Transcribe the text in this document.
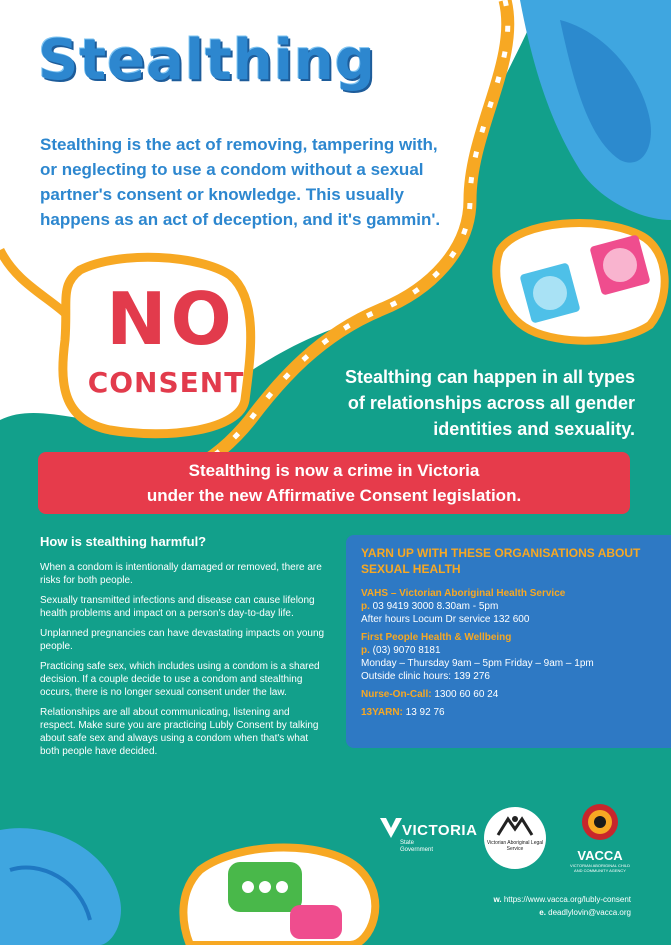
Stealthing
Stealthing is the act of removing, tampering with, or neglecting to use a condom without a sexual partner's consent or knowledge. This usually happens as an act of deception, and it's gammin'.
NO
CONSENT	Stealthing can happen in all types of relationships across all gender identities and sexuality.
Stealthing is now a crime in Victoria
under the new Affirmative Consent legislation.
How is stealthing harmful?

When a condom is intentionally damaged or removed, there are risks for both people.

Sexually transmitted infections and disease can cause lifelong health problems and impact on a person's day-to-day life.

Unplanned pregnancies can have devastating impacts on young people.

Practicing safe sex, which includes using a condom is a shared decision. If a couple decide to use a condom and stealthing occurs, there is no longer sexual consent under the law.

Relationships are all about communicating, listening and respect. Make sure you are practicing Lubly Consent by talking about safe sex and always using a condom when that's what both people have decided.

YARN UP WITH THESE ORGANISATIONS ABOUT SEXUAL HEALTH
VAHS – Victorian Aboriginal Health Service
p. 03 9419 3000 8.30am - 5pm
After hours Locum Dr service 132 600
First People Health & Wellbeing
p. (03) 9070 8181
Monday – Thursday 9am – 5pm Friday – 9am – 1pm
Outside clinic hours: 139 276
Nurse-On-Call: 1300 60 60 24
13YARN: 13 92 76
VICTORIA
State
Government
Victorian Aboriginal Legal Service	VACCA
VICTORIAN ABORIGINAL CHILD AND COMMUNITY AGENCY
w. https://www.vacca.org/lubly-consent
e. deadlylovin@vacca.org
